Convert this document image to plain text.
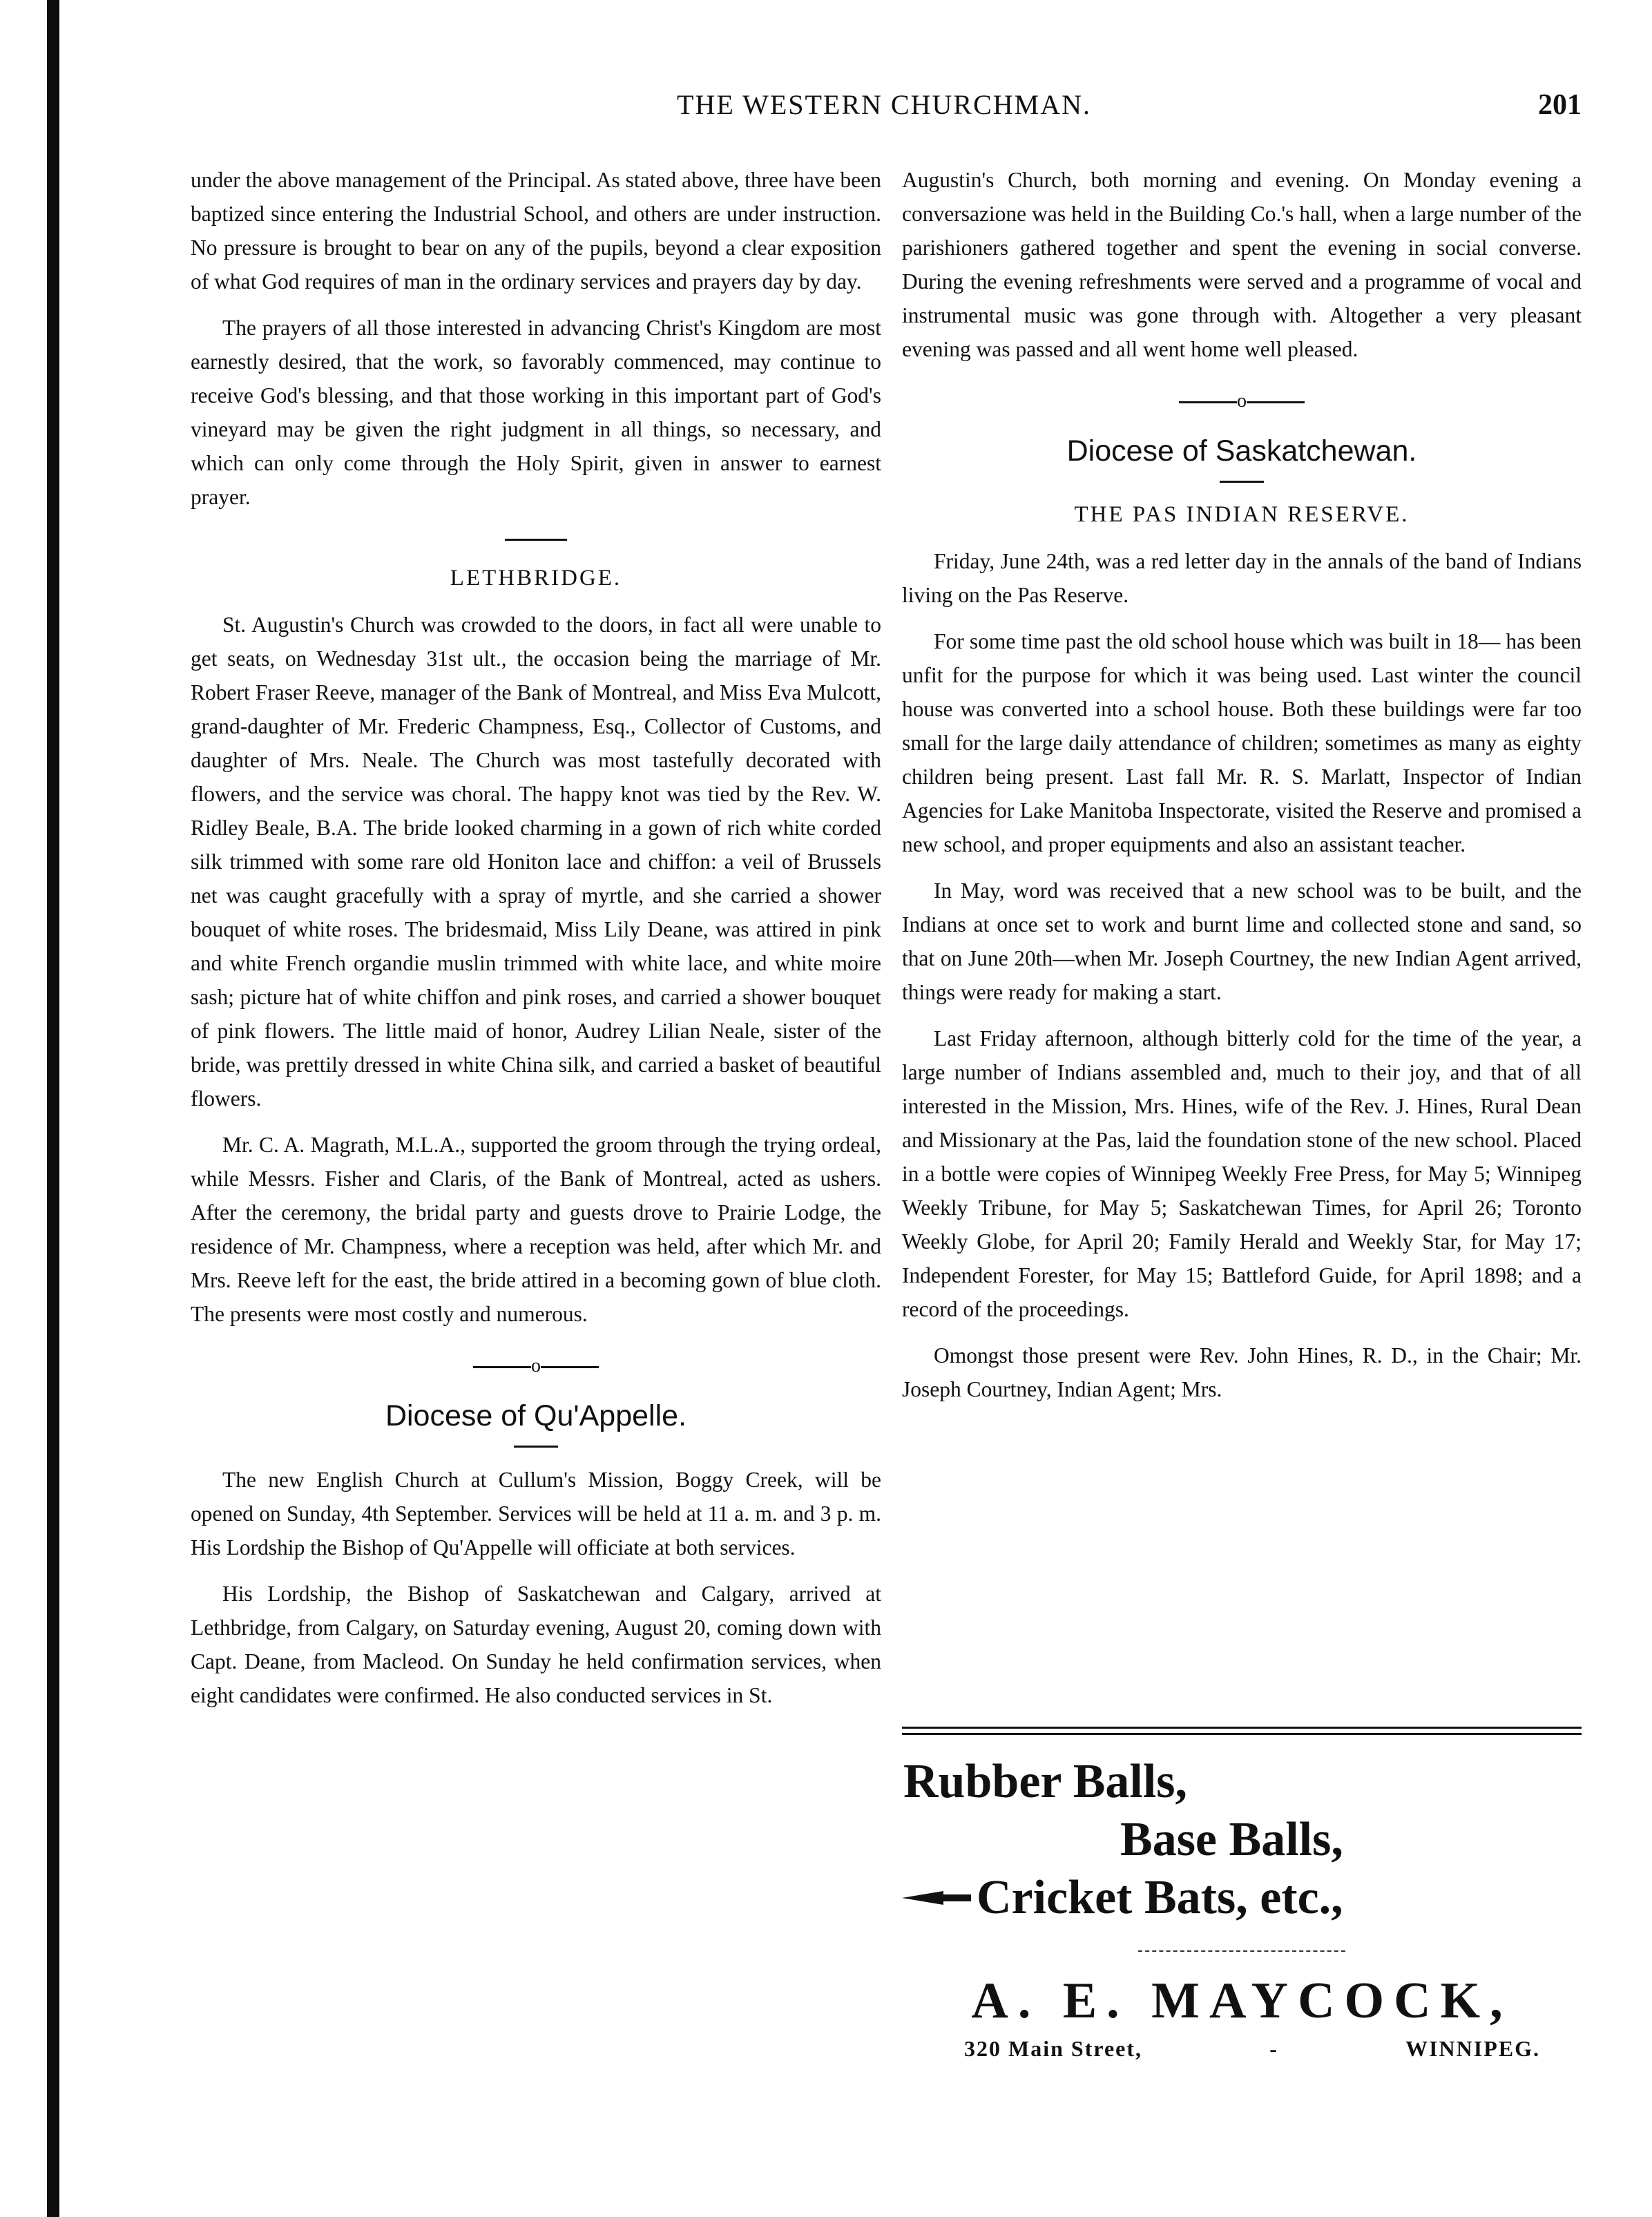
THE WESTERN CHURCHMAN.	201

under the above management of the Principal. As stated above, three have been baptized since entering the Industrial School, and others are under instruction. No pressure is brought to bear on any of the pupils, beyond a clear exposition of what God requires of man in the ordinary services and prayers day by day.

The prayers of all those interested in advancing Christ's Kingdom are most earnestly desired, that the work, so favorably commenced, may continue to receive God's blessing, and that those working in this important part of God's vineyard may be given the right judgment in all things, so necessary, and which can only come through the Holy Spirit, given in answer to earnest prayer.

LETHBRIDGE.

St. Augustin's Church was crowded to the doors, in fact all were unable to get seats, on Wednesday 31st ult., the occasion being the marriage of Mr. Robert Fraser Reeve, manager of the Bank of Montreal, and Miss Eva Mulcott, grand-daughter of Mr. Frederic Champness, Esq., Collector of Customs, and daughter of Mrs. Neale. The Church was most tastefully decorated with flowers, and the service was choral. The happy knot was tied by the Rev. W. Ridley Beale, B.A. The bride looked charming in a gown of rich white corded silk trimmed with some rare old Honiton lace and chiffon: a veil of Brussels net was caught gracefully with a spray of myrtle, and she carried a shower bouquet of white roses. The bridesmaid, Miss Lily Deane, was attired in pink and white French organdie muslin trimmed with white lace, and white moire sash; picture hat of white chiffon and pink roses, and carried a shower bouquet of pink flowers. The little maid of honor, Audrey Lilian Neale, sister of the bride, was prettily dressed in white China silk, and carried a basket of beautiful flowers.

Mr. C. A. Magrath, M.L.A., supported the groom through the trying ordeal, while Messrs. Fisher and Claris, of the Bank of Montreal, acted as ushers. After the ceremony, the bridal party and guests drove to Prairie Lodge, the residence of Mr. Champness, where a reception was held, after which Mr. and Mrs. Reeve left for the east, the bride attired in a becoming gown of blue cloth. The presents were most costly and numerous.

o
Diocese of Qu'Appelle.

The new English Church at Cullum's Mission, Boggy Creek, will be opened on Sunday, 4th September. Services will be held at 11 a. m. and 3 p. m. His Lordship the Bishop of Qu'Appelle will officiate at both services.

His Lordship, the Bishop of Saskatchewan and Calgary, arrived at Lethbridge, from Calgary, on Saturday evening, August 20, coming down with Capt. Deane, from Macleod. On Sunday he held confirmation services, when eight candidates were confirmed. He also conducted services in St.

Augustin's Church, both morning and evening. On Monday evening a conversazione was held in the Building Co.'s hall, when a large number of the parishioners gathered together and spent the evening in social converse. During the evening refreshments were served and a programme of vocal and instrumental music was gone through with. Altogether a very pleasant evening was passed and all went home well pleased.

o
Diocese of Saskatchewan.
THE PAS INDIAN RESERVE.

Friday, June 24th, was a red letter day in the annals of the band of Indians living on the Pas Reserve.

For some time past the old school house which was built in 18— has been unfit for the purpose for which it was being used. Last winter the council house was converted into a school house. Both these buildings were far too small for the large daily attendance of children; sometimes as many as eighty children being present. Last fall Mr. R. S. Marlatt, Inspector of Indian Agencies for Lake Manitoba Inspectorate, visited the Reserve and promised a new school, and proper equipments and also an assistant teacher.

In May, word was received that a new school was to be built, and the Indians at once set to work and burnt lime and collected stone and sand, so that on June 20th—when Mr. Joseph Courtney, the new Indian Agent arrived, things were ready for making a start.

Last Friday afternoon, although bitterly cold for the time of the year, a large number of Indians assembled and, much to their joy, and that of all interested in the Mission, Mrs. Hines, wife of the Rev. J. Hines, Rural Dean and Missionary at the Pas, laid the foundation stone of the new school. Placed in a bottle were copies of Winnipeg Weekly Free Press, for May 5; Winnipeg Weekly Tribune, for May 5; Saskatchewan Times, for April 26; Toronto Weekly Globe, for April 20; Family Herald and Weekly Star, for May 17; Independent Forester, for May 15; Battleford Guide, for April 1898; and a record of the proceedings.

Omongst those present were Rev. John Hines, R. D., in the Chair; Mr. Joseph Courtney, Indian Agent; Mrs.

Rubber Balls,
Base Balls,
Cricket Bats, etc.,
A. E. MAYCOCK,
320 Main Street,	-	WINNIPEG.
